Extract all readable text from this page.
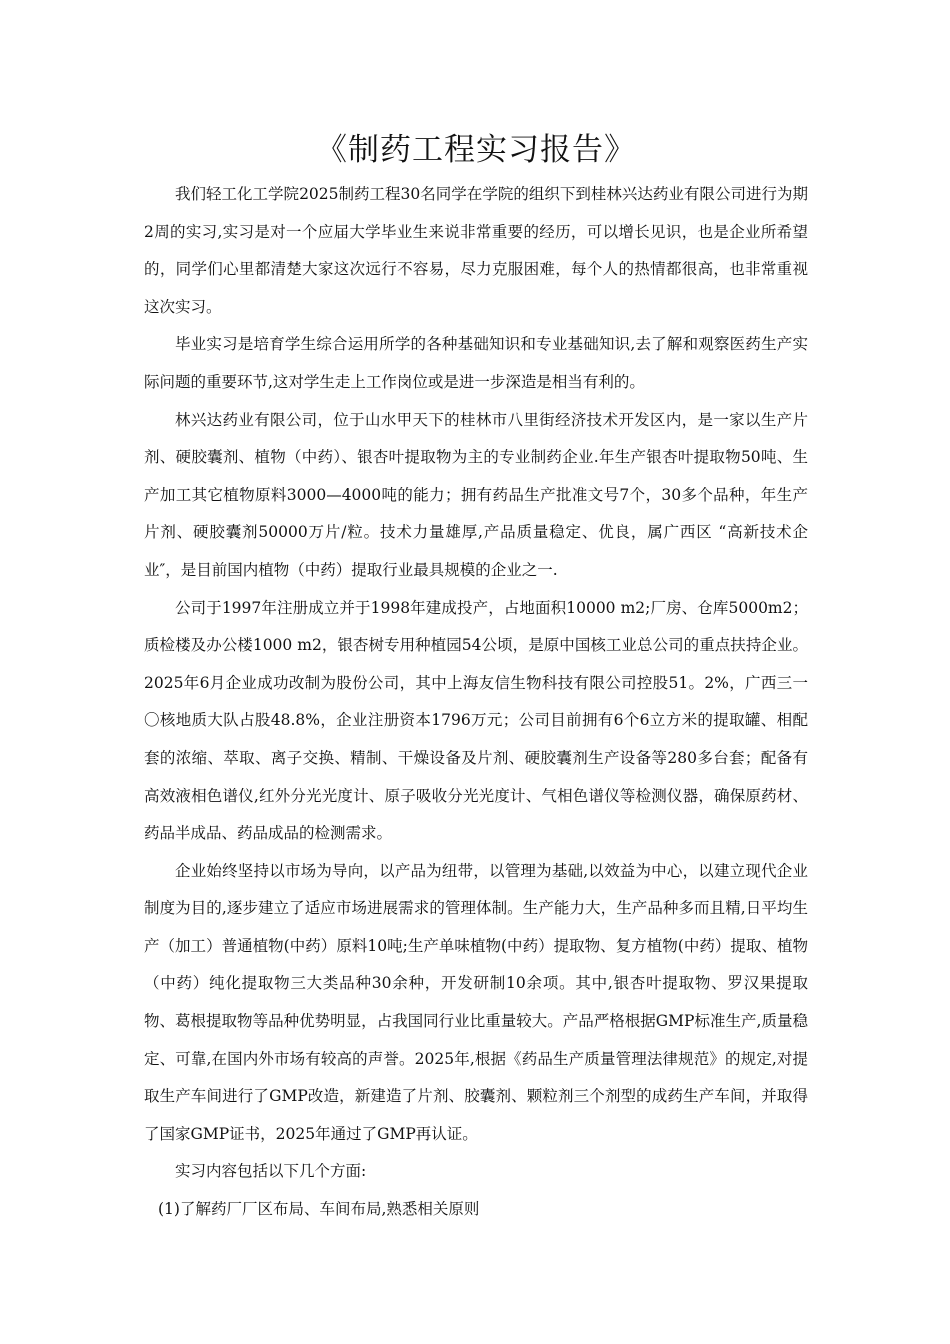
《制药工程实习报告》

我们轻工化工学院2025制药工程30名同学在学院的组织下到桂林兴达药业有限公司进行为期2周的实习,实习是对一个应届大学毕业生来说非常重要的经历，可以增长见识，也是企业所希望的，同学们心里都清楚大家这次远行不容易，尽力克服困难，每个人的热情都很高，也非常重视这次实习。

毕业实习是培育学生综合运用所学的各种基础知识和专业基础知识,去了解和观察医药生产实际问题的重要环节,这对学生走上工作岗位或是进一步深造是相当有利的。

林兴达药业有限公司，位于山水甲天下的桂林市八里街经济技术开发区内，是一家以生产片剂、硬胶囊剂、植物（中药）、银杏叶提取物为主的专业制药企业.年生产银杏叶提取物50吨、生产加工其它植物原料3000—4000吨的能力；拥有药品生产批准文号7个，30多个品种，年生产片剂、硬胶囊剂50000万片/粒。技术力量雄厚,产品质量稳定、优良，属广西区 “高新技术企业″，是目前国内植物（中药）提取行业最具规模的企业之一.

公司于1997年注册成立并于1998年建成投产，占地面积10000 m2;厂房、仓库5000m2；质检楼及办公楼1000 m2，银杏树专用种植园54公顷，是原中国核工业总公司的重点扶持企业。2025年6月企业成功改制为股份公司，其中上海友信生物科技有限公司控股51。2%，广西三一〇核地质大队占股48.8%，企业注册资本1796万元；公司目前拥有6个6立方米的提取罐、相配套的浓缩、萃取、离子交换、精制、干燥设备及片剂、硬胶囊剂生产设备等280多台套；配备有高效液相色谱仪,红外分光光度计、原子吸收分光光度计、气相色谱仪等检测仪器，确保原药材、药品半成品、药品成品的检测需求。

企业始终坚持以市场为导向，以产品为纽带，以管理为基础,以效益为中心，以建立现代企业制度为目的,逐步建立了适应市场进展需求的管理体制。生产能力大，生产品种多而且精,日平均生产（加工）普通植物(中药）原料10吨;生产单味植物(中药）提取物、复方植物(中药）提取、植物（中药）纯化提取物三大类品种30余种，开发研制10余项。其中,银杏叶提取物、罗汉果提取物、葛根提取物等品种优势明显，占我国同行业比重量较大。产品严格根据GMP标准生产,质量稳定、可靠,在国内外市场有较高的声誉。2025年,根据《药品生产质量管理法律规范》的规定,对提取生产车间进行了GMP改造，新建造了片剂、胶囊剂、颗粒剂三个剂型的成药生产车间，并取得了国家GMP证书，2025年通过了GMP再认证。

实习内容包括以下几个方面:

(1)了解药厂厂区布局、车间布局,熟悉相关原则
